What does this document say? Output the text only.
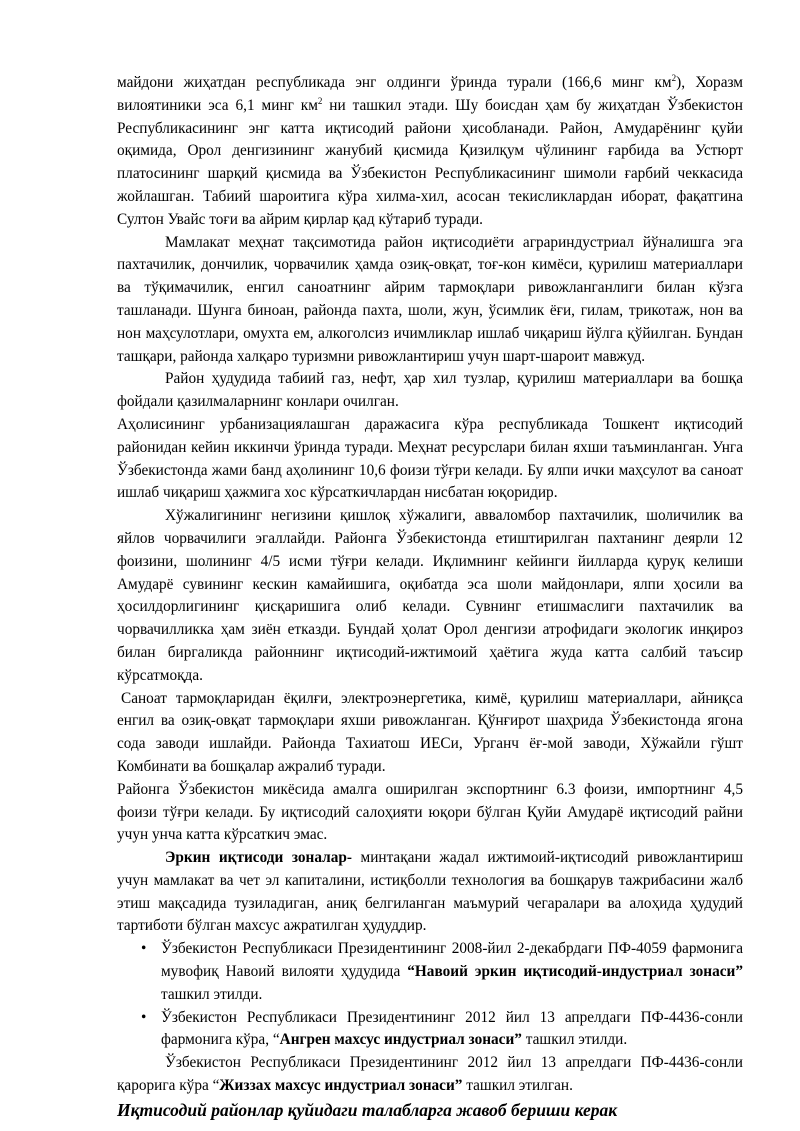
майдони жиҳатдан республикада энг олдинги ўринда турали (166,6 минг $км^2$), Хоразм вилоятиники эса 6,1 минг $км^2$ ни ташкил этади. Шу боисдан ҳам бу жиҳатдан Ўзбекистон Республикасининг энг катта иқтисодий райони ҳисобланади. Район, Амударёнинг қуйи оқимида, Орол денгизининг жанубий қисмида Қизилқум чўлининг ғарбида ва Устюрт платосининг шарқий қисмида ва Ўзбекистон Республикасининг шимоли ғарбий чеккасида жойлашган. Табиий шароитига кўра хилма-хил, асосан текисликлардан иборат, фақатгина Султон Увайс тоғи ва айрим қирлар қад кўтариб туради.

Мамлакат меҳнат тақсимотида район иқтисодиёти аграриндустриал йўналишга эга пахтачилик, дончилик, чорвачилик ҳамда озиқ-овқат, тоғ-кон кимёси, қурилиш материаллари ва тўқимачилик, енгил саноатнинг айрим тармоқлари ривожланганлиги билан кўзга ташланади. Шунга биноан, районда пахта, шоли, жун, ўсимлик ёғи, гилам, трикотаж, нон ва нон маҳсулотлари, омухта ем, алкоголсиз ичимликлар ишлаб чиқариш йўлга қўйилган. Бундан ташқари, районда халқаро туризмни ривожлантириш учун шарт-шароит мавжуд.

Район ҳудудида табиий газ, нефт, ҳар хил тузлар, қурилиш материаллари ва бошқа фойдали қазилмаларнинг конлари очилган.

Аҳолисининг урбанизациялашган даражасига кўра республикада Тошкент иқтисодий районидан кейин иккинчи ўринда туради. Меҳнат ресурслари билан яхши таъминланган. Унга Ўзбекистонда жами банд аҳолининг 10,6 фоизи тўғри келади. Бу ялпи ички маҳсулот ва саноат ишлаб чиқариш ҳажмига хос кўрсаткичлардан нисбатан юқоридир.

Хўжалигининг негизини қишлоқ хўжалиги, аввaломбор пахтачилик, шоличилик ва яйлов чорвачилиги эгаллайди. Районга Ўзбекистонда етиштирилган пахтанинг деярли 12 фоизини, шолининг 4/5 исми тўғри келади. Иқлимнинг кейинги йилларда қуруқ келиши Амударё сувининг кескин камайишига, оқибатда эса шоли майдонлари, ялпи ҳосили ва ҳосилдорлигининг қисқаришига олиб келади. Сувнинг етишмаслиги пахтачилик ва чорвачилликка ҳам зиён етказди. Бундай ҳолат Орол денгизи атрофидаги экологик инқироз билан биргаликда районнинг иқтисодий-ижтимоий ҳаётига жуда катта салбий таъсир кўрсатмоқда.

Саноат тармоқларидан ёқилғи, электроэнергетика, кимё, қурилиш материаллари, айниқса енгил ва озиқ-овқат тармоқлари яхши ривожланган. Қўнғирот шаҳрида Ўзбекистонда ягона сода заводи ишлайди. Районда Тахиатош ИЕСи, Урганч ёғ-мой заводи, Хўжайли гўшт Комбинати ва бошқалар ажралиб туради.

Районга Ўзбекистон микёсида амалга оширилган экспортнинг 6.3 фоизи, импортнинг 4,5 фоизи тўғри келади. Бу иқтисодий салоҳияти юқори бўлган Қуйи Амударё иқтисодий райни учун унча катта кўрсаткич эмас.

Эркин иқтисоди зоналар- минтақани жадал ижтимоий-иқтисодий ривожлантириш учун мамлакат ва чет эл капиталини, истиқболли технология ва бошқарув тажрибасини жалб этиш мақсадида тузиладиган, аниқ белгиланган маъмурий чегаралари ва алоҳида ҳудудий тартиботи бўлган махсус ажратилган ҳудуддир.

• Ўзбекистон Республикаси Президентининг 2008-йил 2-декабрдаги ПФ-4059 фармонига мувофиқ Навоий вилояти ҳудудида “Навоий эркин иқтисодий-индустриал зонаси” ташкил этилди.
• Ўзбекистон Республикаси Президентининг 2012 йил 13 апрелдаги ПФ-4436-сонли фармонига кўра, “Ангрен махсус индустриал зонаси” ташкил этилди.

Ўзбекистон Республикаси Президентининг 2012 йил 13 апрелдаги ПФ-4436-сонли қарорига кўра “Жиззах махсус индустриал зонаси” ташкил этилган.

Иқтисодий районлар қуйидаги талабларга жавоб бериши керак
